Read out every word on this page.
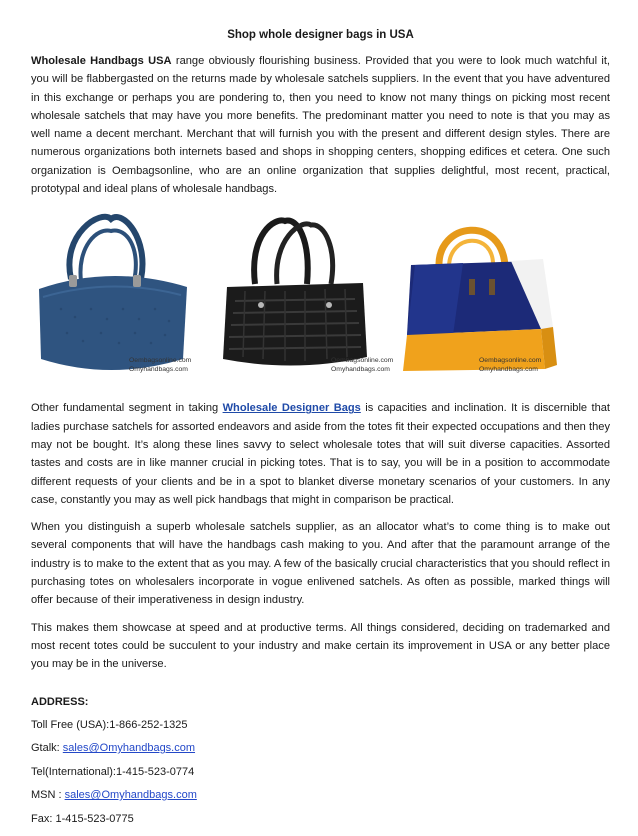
Shop whole designer bags in USA

Wholesale Handbags USA range obviously flourishing business. Provided that you were to look much watchful it, you will be flabbergasted on the returns made by wholesale satchels suppliers. In the event that you have adventured in this exchange or perhaps you are pondering to, then you need to know not many things on picking most recent wholesale satchels that may have you more benefits. The predominant matter you need to note is that you may as well name a decent merchant. Merchant that will furnish you with the present and different design styles. There are numerous organizations both internets based and shops in shopping centers, shopping edifices et cetera. One such organization is Oembagsonline, who are an online organization that supplies delightful, most recent, practical, prototypal and ideal plans of wholesale handbags.

Oembagsonline.com
Omyhandbags.com
Oembagsonline.com
Omyhandbags.com
Oembagsonline.com
Omyhandbags.com

Other fundamental segment in taking Wholesale Designer Bags is capacities and inclination. It is discernible that ladies purchase satchels for assorted endeavors and aside from the totes fit their expected occupations and then they may not be bought. It’s along these lines savvy to select wholesale totes that will suit diverse capacities. Assorted tastes and costs are in like manner crucial in picking totes. That is to say, you will be in a position to accommodate different requests of your clients and be in a spot to blanket diverse monetary scenarios of your customers. In any case, constantly you may as well pick handbags that might in comparison be practical.

When you distinguish a superb wholesale satchels supplier, as an allocator what’s to come thing is to make out several components that will have the handbags cash making to you. And after that the paramount arrange of the industry is to make to the extent that as you may. A few of the basically crucial characteristics that you should reflect in purchasing totes on wholesalers incorporate in vogue enlivened satchels. As often as possible, marked things will offer because of their imperativeness in design industry.

This makes them showcase at speed and at productive terms. All things considered, deciding on trademarked and most recent totes could be succulent to your industry and make certain its improvement in USA or any better place you may be in the universe.

ADDRESS:
Toll Free (USA):1-866-252-1325
Gtalk: sales@Omyhandbags.com
Tel(International):1-415-523-0774
MSN : sales@Omyhandbags.com
Fax: 1-415-523-0775
